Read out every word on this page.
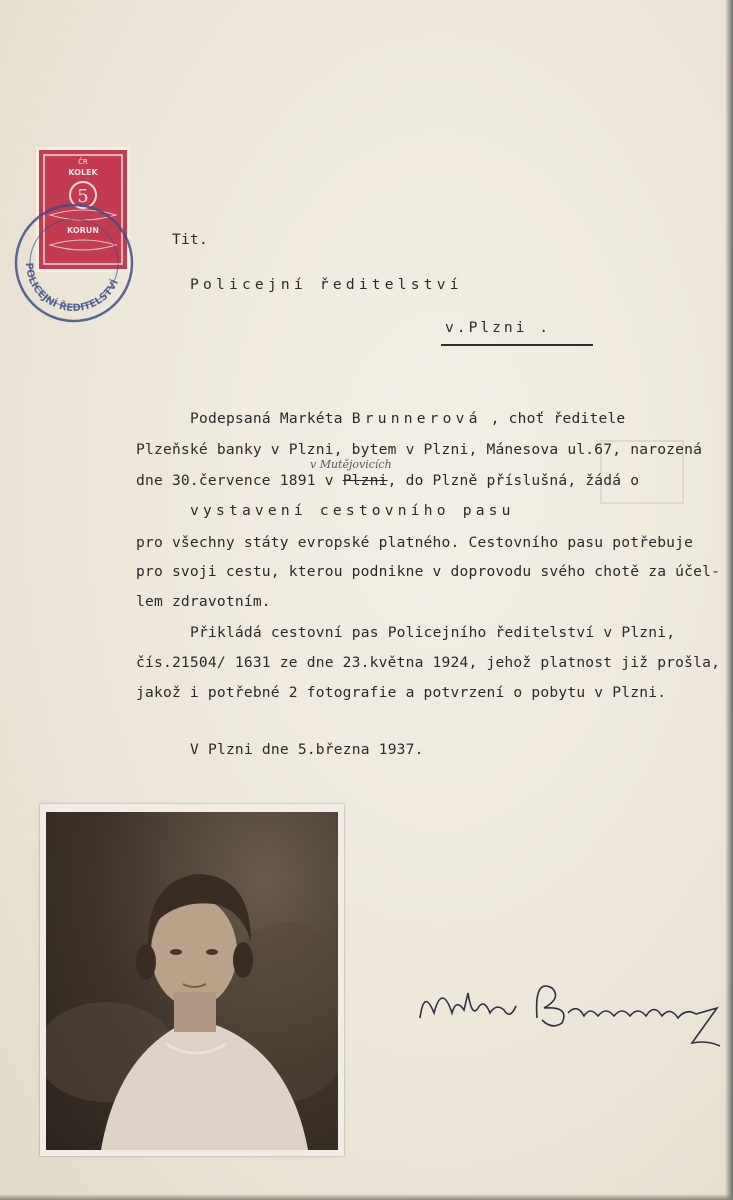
ČR
KOLEK
5
KORUN
POLICEJNÍ ŘEDITELSTVÍ
Tit.
Policejní ředitelství
v.Plzni .
Podepsaná Markéta Brunnerová , choť ředitele
Plzeňské banky v Plzni, bytem v Plzni, Mánesova ul.67, narozená
v Mutějovicích
dne 30.července 1891 v Plzni, do Plzně příslušná, žádá o
vystavení cestovního pasu
pro všechny státy evropské platného. Cestovního pasu potřebuje
pro svoji cestu, kterou podnikne v doprovodu svého chotě za účel-
lem zdravotním.
Přikládá cestovní pas Policejního ředitelství v Plzni,
čís.21504/ 1631 ze dne 23.května 1924, jehož platnost již prošla,
jakož i potřebné 2 fotografie a potvrzení o pobytu v Plzni.
V Plzni dne 5.března 1937.
